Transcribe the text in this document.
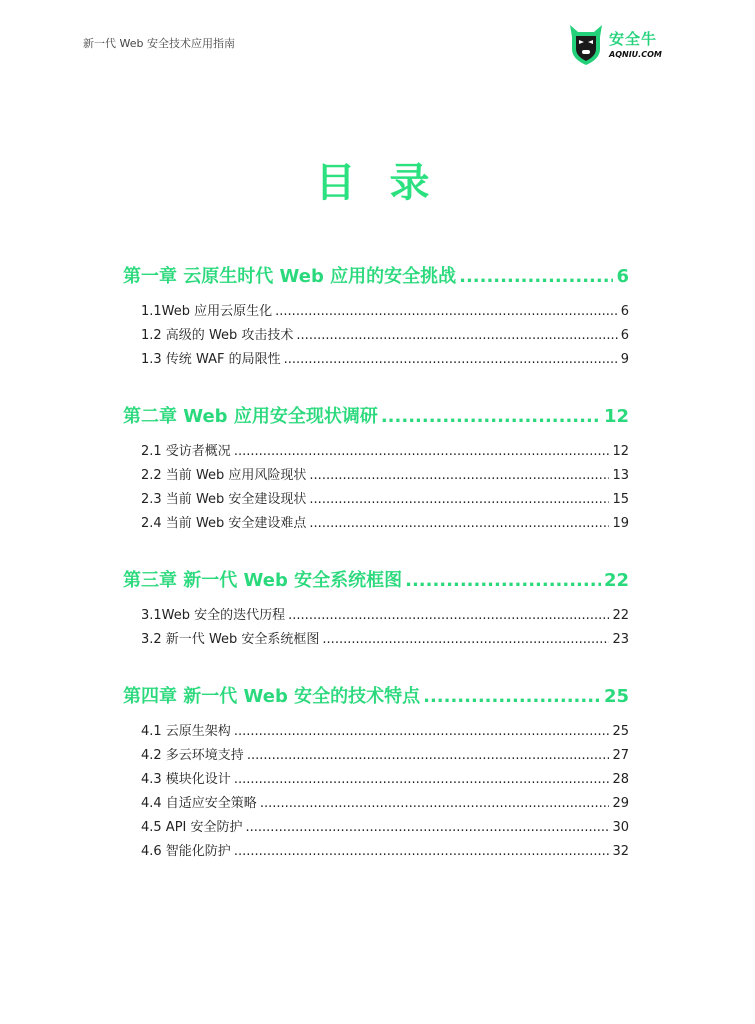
新一代 Web 安全技术应用指南	安全牛
AQNIU.COM
目 录
第一章 云原生时代 Web 应用的安全挑战 .....	6
1.1Web 应用云原生化 .....	6
1.2 高级的 Web 攻击技术 .....	6
1.3 传统 WAF 的局限性 .....	9
第二章 Web 应用安全现状调研 .....	12
2.1 受访者概况 .....	12
2.2 当前 Web 应用风险现状 .....	13
2.3 当前 Web 安全建设现状 .....	15
2.4 当前 Web 安全建设难点 .....	19
第三章 新一代 Web 安全系统框图 .....	22
3.1Web 安全的迭代历程 .....	22
3.2 新一代 Web 安全系统框图 .....	23
第四章 新一代 Web 安全的技术特点 .....	25
4.1 云原生架构 .....	25
4.2 多云环境支持 .....	27
4.3 模块化设计 .....	28
4.4 自适应安全策略 .....	29
4.5 API 安全防护 .....	30
4.6 智能化防护 .....	32
